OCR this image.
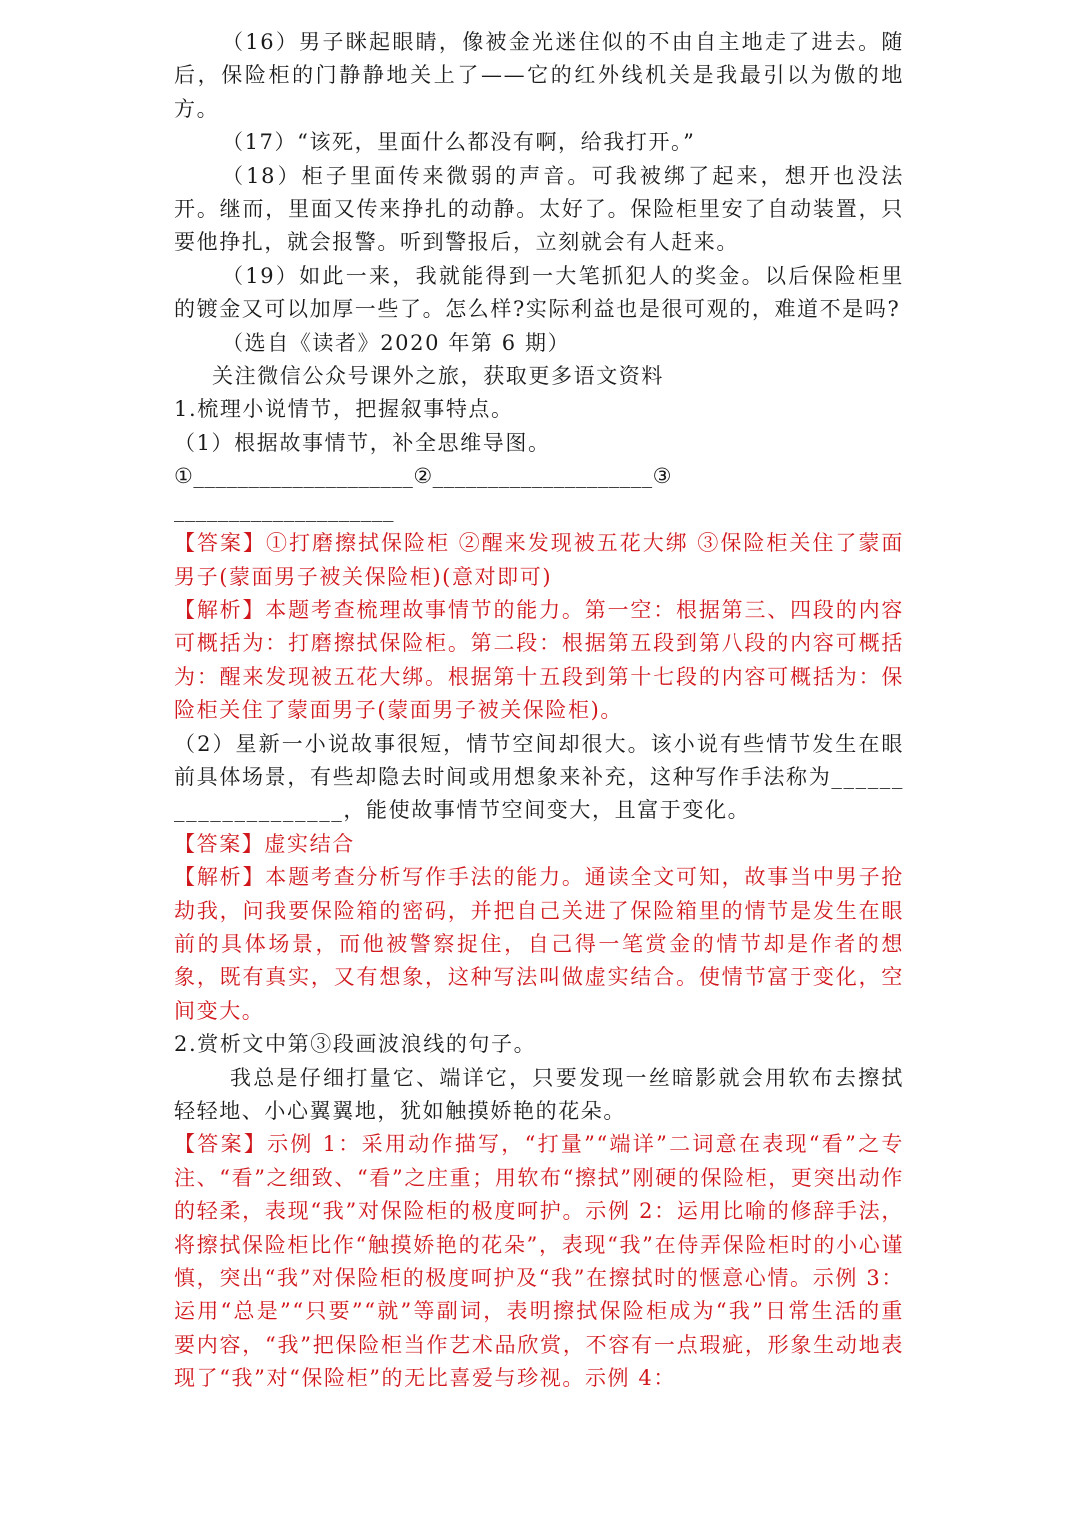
（16）男子眯起眼睛，像被金光迷住似的不由自主地走了进去。随后，保险柜的门静静地关上了——它的红外线机关是我最引以为傲的地方。

（17）“该死，里面什么都没有啊，给我打开。”

（18）柜子里面传来微弱的声音。可我被绑了起来，想开也没法开。继而，里面又传来挣扎的动静。太好了。保险柜里安了自动装置，只要他挣扎，就会报警。听到警报后，立刻就会有人赶来。

（19）如此一来，我就能得到一大笔抓犯人的奖金。以后保险柜里的镀金又可以加厚一些了。怎么样?实际利益也是很可观的，难道不是吗?

（选自《读者》2020 年第 6 期）

关注微信公众号课外之旅，获取更多语文资料

1.梳理小说情节，把握叙事特点。

（1）根据故事情节，补全思维导图。

①____________________②____________________③

____________________

【答案】①打磨擦拭保险柜 ②醒来发现被五花大绑 ③保险柜关住了蒙面男子(蒙面男子被关保险柜)(意对即可)

【解析】本题考查梳理故事情节的能力。第一空：根据第三、四段的内容可概括为：打磨擦拭保险柜。第二段：根据第五段到第八段的内容可概括为：醒来发现被五花大绑。根据第十五段到第十七段的内容可概括为：保险柜关住了蒙面男子(蒙面男子被关保险柜)。

（2）星新一小说故事很短，情节空间却很大。该小说有些情节发生在眼前具体场景，有些却隐去时间或用想象来补充，这种写作手法称为____________________，能使故事情节空间变大，且富于变化。

【答案】虚实结合

【解析】本题考查分析写作手法的能力。通读全文可知，故事当中男子抢劫我，问我要保险箱的密码，并把自己关进了保险箱里的情节是发生在眼前的具体场景，而他被警察捉住，自己得一笔赏金的情节却是作者的想象，既有真实，又有想象，这种写法叫做虚实结合。使情节富于变化，空间变大。

2.赏析文中第③段画波浪线的句子。

我总是仔细打量它、端详它，只要发现一丝暗影就会用软布去擦拭轻轻地、小心翼翼地，犹如触摸娇艳的花朵。

【答案】示例 1：采用动作描写，“打量”“端详”二词意在表现“看”之专注、“看”之细致、“看”之庄重；用软布“擦拭”刚硬的保险柜，更突出动作的轻柔，表现“我”对保险柜的极度呵护。示例 2：运用比喻的修辞手法，将擦拭保险柜比作“触摸娇艳的花朵”，表现“我”在侍弄保险柜时的小心谨慎，突出“我”对保险柜的极度呵护及“我”在擦拭时的惬意心情。示例 3：运用“总是”“只要”“就”等副词，表明擦拭保险柜成为“我”日常生活的重要内容，“我”把保险柜当作艺术品欣赏，不容有一点瑕疵，形象生动地表现了“我”对“保险柜”的无比喜爱与珍视。示例 4：
